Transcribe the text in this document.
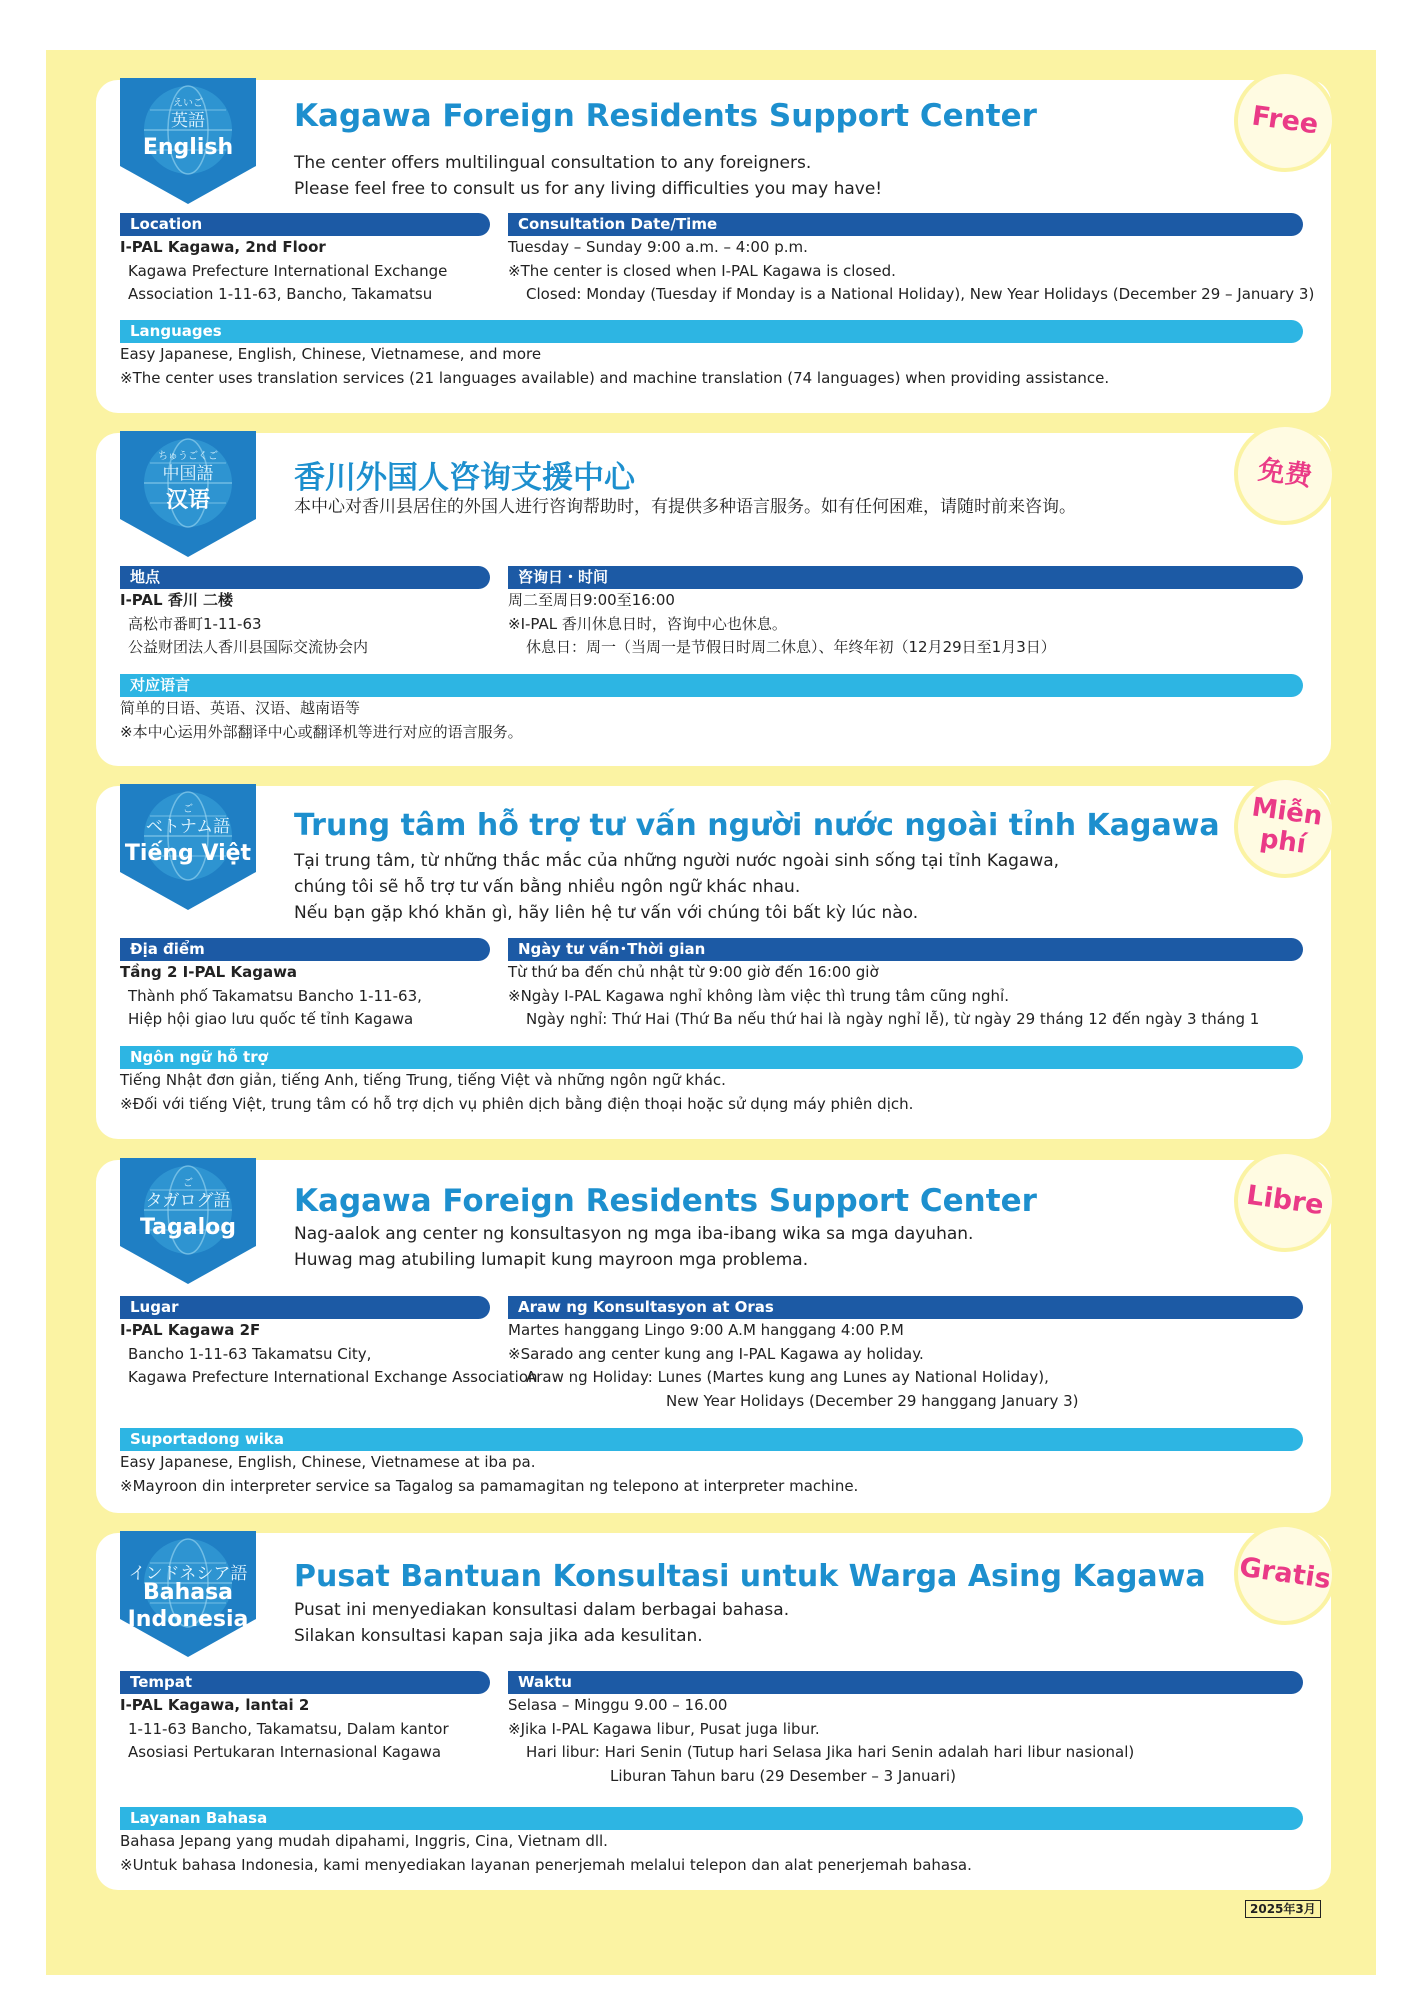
えいご
英語
English
Free
Kagawa Foreign Residents Support Center
The center offers multilingual consultation to any foreigners.
Please feel free to consult us for any living difficulties you may have!
Location
I-PAL Kagawa, 2nd Floor
Kagawa Prefecture International Exchange
Association 1-11-63, Bancho, Takamatsu
Consultation Date/Time
Tuesday – Sunday 9:00 a.m. – 4:00 p.m.
※The center is closed when I-PAL Kagawa is closed.
Closed: Monday (Tuesday if Monday is a National Holiday), New Year Holidays (December 29 – January 3)
Languages
Easy Japanese, English, Chinese, Vietnamese, and more
※The center uses translation services (21 languages available) and machine translation (74 languages) when providing assistance.
ちゅうごくご
中国語
汉语
免费
香川外国人咨询支援中心
本中心对香川县居住的外国人进行咨询帮助时，有提供多种语言服务。如有任何困难，请随时前来咨询。
地点
I-PAL 香川 二楼
高松市番町1-11-63
公益财团法人香川县国际交流协会内
咨询日・时间
周二至周日9:00至16:00
※I-PAL 香川休息日时，咨询中心也休息。
休息日：周一（当周一是节假日时周二休息）、年终年初（12月29日至1月3日）
对应语言
简单的日语、英语、汉语、越南语等
※本中心运用外部翻译中心或翻译机等进行对应的语言服务。
ご
ベトナム語
Tiếng Việt
Miễn
phí
Trung tâm hỗ trợ tư vấn người nước ngoài tỉnh Kagawa
Tại trung tâm, từ những thắc mắc của những người nước ngoài sinh sống tại tỉnh Kagawa,
chúng tôi sẽ hỗ trợ tư vấn bằng nhiều ngôn ngữ khác nhau.
Nếu bạn gặp khó khăn gì, hãy liên hệ tư vấn với chúng tôi bất kỳ lúc nào.
Địa điểm
Tầng 2 I-PAL Kagawa
Thành phố Takamatsu Bancho 1-11-63,
Hiệp hội giao lưu quốc tế tỉnh Kagawa
Ngày tư vấn･Thời gian
Từ thứ ba đến chủ nhật từ 9:00 giờ đến 16:00 giờ
※Ngày I-PAL Kagawa nghỉ không làm việc thì trung tâm cũng nghỉ.
Ngày nghỉ: Thứ Hai (Thứ Ba nếu thứ hai là ngày nghỉ lễ), từ ngày 29 tháng 12 đến ngày 3 tháng 1
Ngôn ngữ hỗ trợ
Tiếng Nhật đơn giản, tiếng Anh, tiếng Trung, tiếng Việt và những ngôn ngữ khác.
※Đối với tiếng Việt, trung tâm có hỗ trợ dịch vụ phiên dịch bằng điện thoại hoặc sử dụng máy phiên dịch.
ご
タガログ語
Tagalog
Libre
Kagawa Foreign Residents Support Center
Nag-aalok ang center ng konsultasyon ng mga iba-ibang wika sa mga dayuhan.
Huwag mag atubiling lumapit kung mayroon mga problema.
Lugar
I-PAL Kagawa 2F
Bancho 1-11-63 Takamatsu City,
Kagawa Prefecture International Exchange Association
Araw ng Konsultasyon at Oras
Martes hanggang Lingo 9:00 A.M hanggang 4:00 P.M
※Sarado ang center kung ang I-PAL Kagawa ay holiday.
Araw ng Holiday: Lunes (Martes kung ang Lunes ay National Holiday),
New Year Holidays (December 29 hanggang January 3)
Suportadong wika
Easy Japanese, English, Chinese, Vietnamese at iba pa.
※Mayroon din interpreter service sa Tagalog sa pamamagitan ng telepono at interpreter machine.
インドネシア語
Bahasa
Indonesia
Gratis
Pusat Bantuan Konsultasi untuk Warga Asing Kagawa
Pusat ini menyediakan konsultasi dalam berbagai bahasa.
Silakan konsultasi kapan saja jika ada kesulitan.
Tempat
I-PAL Kagawa, lantai 2
1-11-63 Bancho, Takamatsu, Dalam kantor
Asosiasi Pertukaran Internasional Kagawa
Waktu
Selasa – Minggu 9.00 – 16.00
※Jika I-PAL Kagawa libur, Pusat juga libur.
Hari libur: Hari Senin (Tutup hari Selasa Jika hari Senin adalah hari libur nasional)
Liburan Tahun baru (29 Desember – 3 Januari)
Layanan Bahasa
Bahasa Jepang yang mudah dipahami, Inggris, Cina, Vietnam dll.
※Untuk bahasa Indonesia, kami menyediakan layanan penerjemah melalui telepon dan alat penerjemah bahasa.
2025年3月
